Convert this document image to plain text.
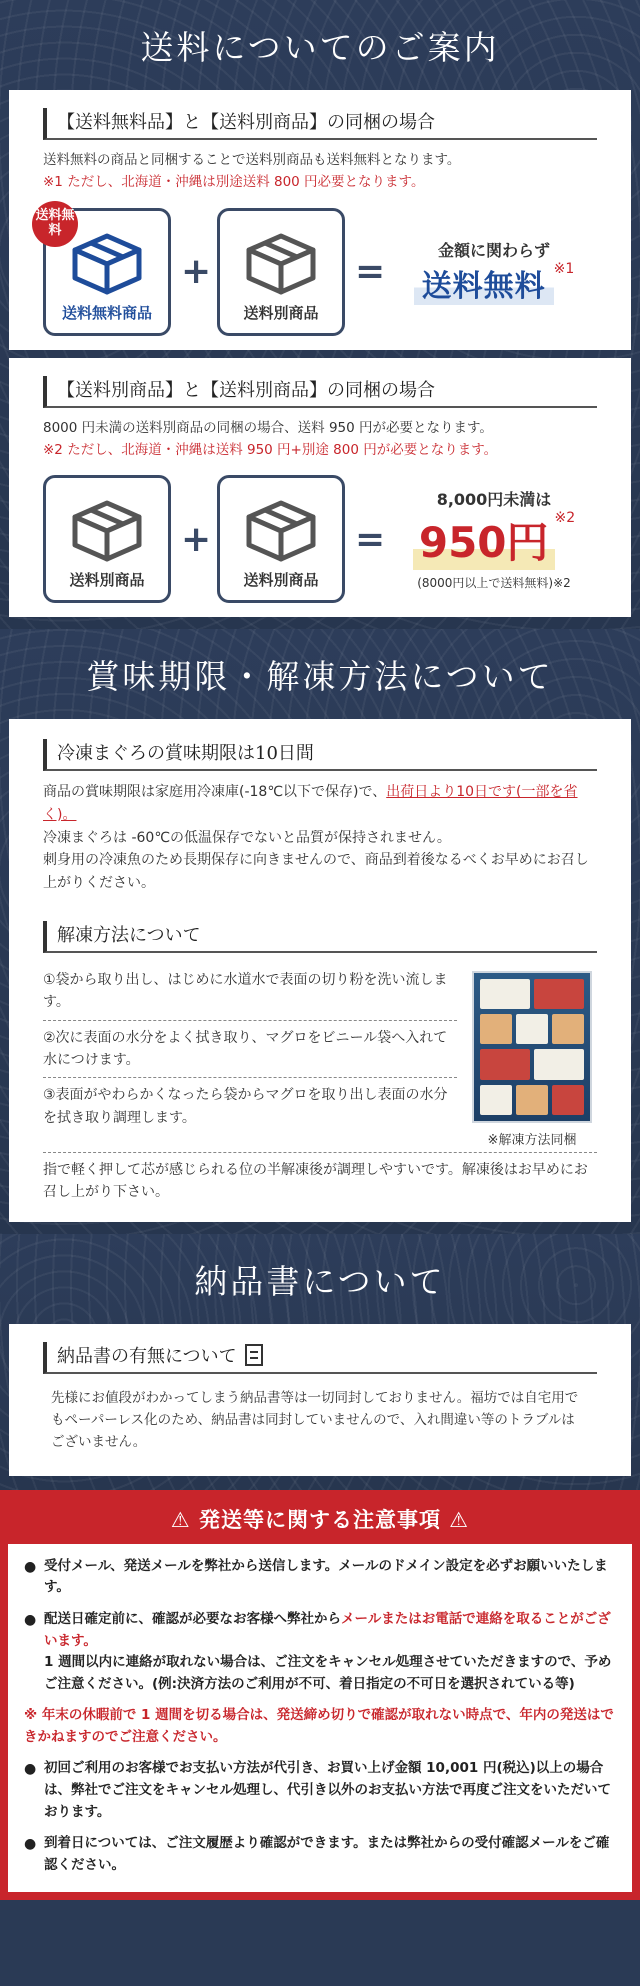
送料についてのご案内
【送料無料品】と【送料別商品】の同梱の場合
送料無料の商品と同梱することで送料別商品も送料無料となります。
※1 ただし、北海道・沖縄は別途送料 800 円必要となります。
送料無料
送料無料商品
+
送料別商品
=
金額に関わらず
送料無料 ※1
【送料別商品】と【送料別商品】の同梱の場合
8000 円未満の送料別商品の同梱の場合、送料 950 円が必要となります。
※2 ただし、北海道・沖縄は送料 950 円+別途 800 円が必要となります。
送料別商品
+
送料別商品
=
8,000円未満は
950円 ※2
(8000円以上で送料無料)※2
賞味期限・解凍方法について
冷凍まぐろの賞味期限は10日間
商品の賞味期限は家庭用冷凍庫(-18℃以下で保存)で、出荷日より10日です(一部を省く)。
冷凍まぐろは -60℃の低温保存でないと品質が保持されません。
刺身用の冷凍魚のため長期保存に向きませんので、商品到着後なるべくお早めにお召し上がりください。
解凍方法について
①袋から取り出し、はじめに水道水で表面の切り粉を洗い流します。
②次に表面の水分をよく拭き取り、マグロをビニール袋へ入れて水につけます。
③表面がやわらかくなったら袋からマグロを取り出し表面の水分を拭き取り調理します。
※解凍方法同梱
指で軽く押して芯が感じられる位の半解凍後が調理しやすいです。解凍後はお早めにお召し上がり下さい。
納品書について
納品書の有無について
先様にお値段がわかってしまう納品書等は一切同封しておりません。福坊では自宅用でもペーパーレス化のため、納品書は同封していませんので、入れ間違い等のトラブルはございません。
⚠ 発送等に関する注意事項 ⚠
● 受付メール、発送メールを弊社から送信します。メールのドメイン設定を必ずお願いいたします。
● 配送日確定前に、確認が必要なお客様へ弊社からメールまたはお電話で連絡を取ることがございます。
1 週間以内に連絡が取れない場合は、ご注文をキャンセル処理させていただきますので、予めご注意ください。(例:決済方法のご利用が不可、着日指定の不可日を選択されている等)
※ 年末の休暇前で 1 週間を切る場合は、発送締め切りで確認が取れない時点で、年内の発送はできかねますのでご注意ください。
● 初回ご利用のお客様でお支払い方法が代引き、お買い上げ金額 10,001 円(税込)以上の場合は、弊社でご注文をキャンセル処理し、代引き以外のお支払い方法で再度ご注文をいただいております。
● 到着日については、ご注文履歴より確認ができます。または弊社からの受付確認メールをご確認ください。
